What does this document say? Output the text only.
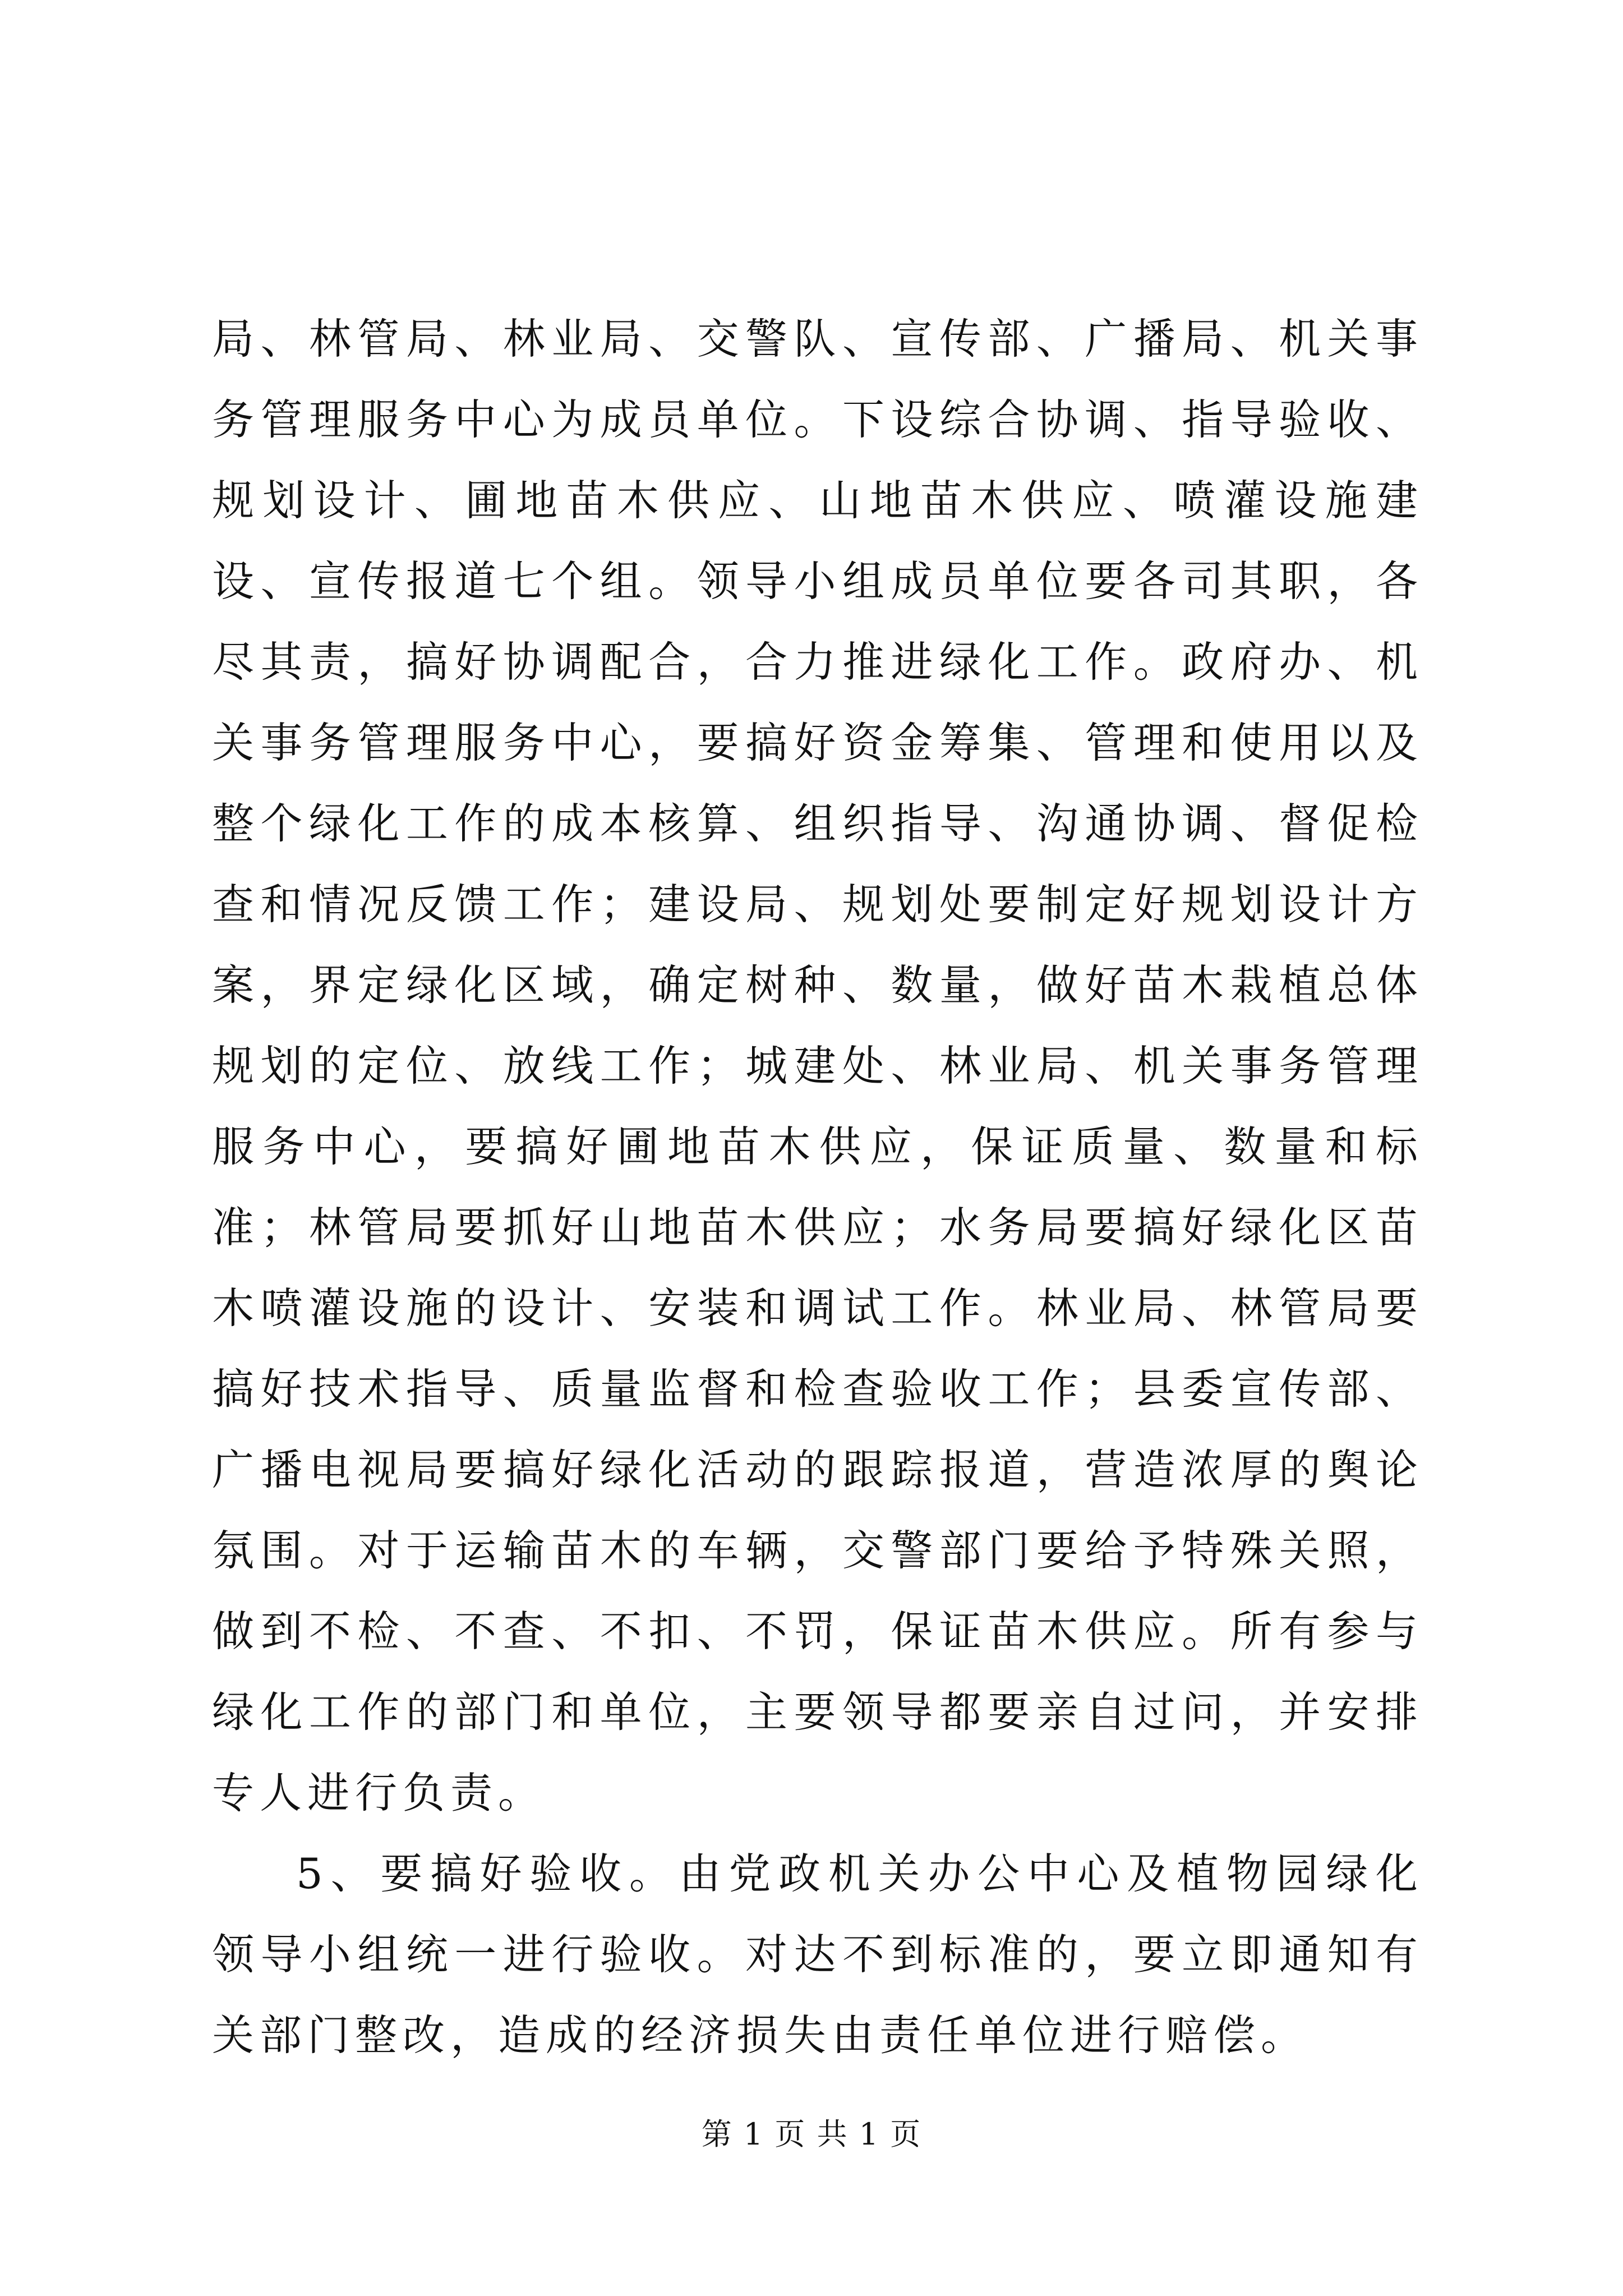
局、林管局、林业局、交警队、宣传部、广播局、机关事务管理服务中心为成员单位。下设综合协调、指导验收、规划设计、圃地苗木供应、山地苗木供应、喷灌设施建设、宣传报道七个组。领导小组成员单位要各司其职，各尽其责，搞好协调配合，合力推进绿化工作。政府办、机关事务管理服务中心，要搞好资金筹集、管理和使用以及整个绿化工作的成本核算、组织指导、沟通协调、督促检查和情况反馈工作；建设局、规划处要制定好规划设计方案，界定绿化区域，确定树种、数量，做好苗木栽植总体规划的定位、放线工作；城建处、林业局、机关事务管理服务中心，要搞好圃地苗木供应，保证质量、数量和标准；林管局要抓好山地苗木供应；水务局要搞好绿化区苗木喷灌设施的设计、安装和调试工作。林业局、林管局要搞好技术指导、质量监督和检查验收工作；县委宣传部、广播电视局要搞好绿化活动的跟踪报道，营造浓厚的舆论氛围。对于运输苗木的车辆，交警部门要给予特殊关照，做到不检、不查、不扣、不罚，保证苗木供应。所有参与绿化工作的部门和单位，主要领导都要亲自过问，并安排专人进行负责。

5、要搞好验收。由党政机关办公中心及植物园绿化领导小组统一进行验收。对达不到标准的，要立即通知有关部门整改，造成的经济损失由责任单位进行赔偿。

第 1 页 共 1 页
